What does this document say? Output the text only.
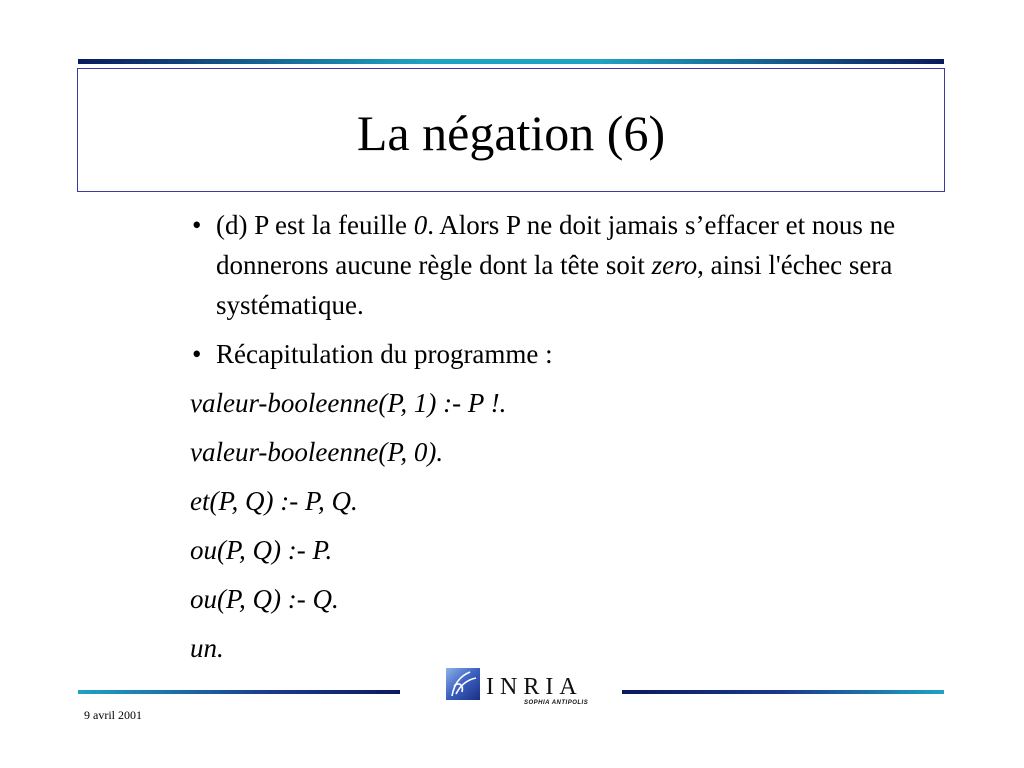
La négation (6)
• (d) P est la feuille 0. Alors P ne doit jamais s’effacer et nous ne donnerons aucune règle dont la tête soit zero, ainsi l'échec sera systématique.
• Récapitulation du programme :
valeur-booleenne(P, 1) :- P !.
valeur-booleenne(P, 0).
et(P, Q) :- P, Q.
ou(P, Q) :- P.
ou(P, Q) :- Q.
un.
INRIA
SOPHIA ANTIPOLIS
9 avril 2001
